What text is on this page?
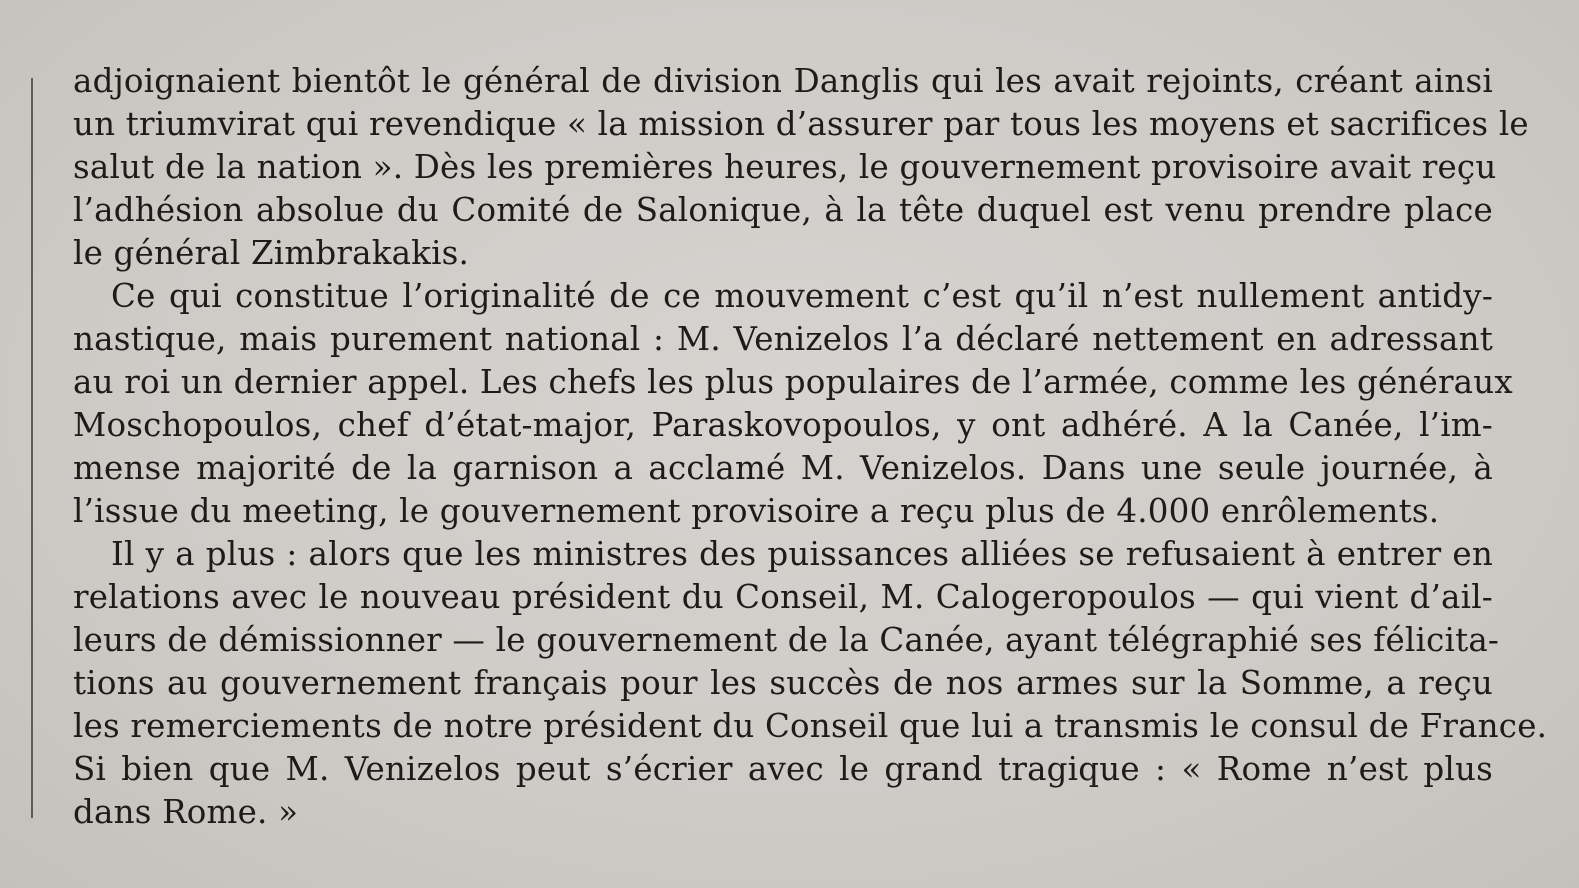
adjoignaient bientôt le général de division Danglis qui les avait rejoints, créant ainsi
un triumvirat qui revendique « la mission d’assurer par tous les moyens et sacrifices le
salut de la nation ». Dès les premières heures, le gouvernement provisoire avait reçu
l’adhésion absolue du Comité de Salonique, à la tête duquel est venu prendre place
le général Zimbrakakis.
Ce qui constitue l’originalité de ce mouvement c’est qu’il n’est nullement antidy-
nastique, mais purement national : M. Venizelos l’a déclaré nettement en adressant
au roi un dernier appel. Les chefs les plus populaires de l’armée, comme les généraux
Moschopoulos, chef d’état-major, Paraskovopoulos, y ont adhéré. A la Canée, l’im-
mense majorité de la garnison a acclamé M. Venizelos. Dans une seule journée, à
l’issue du meeting, le gouvernement provisoire a reçu plus de 4.000 enrôlements.
Il y a plus : alors que les ministres des puissances alliées se refusaient à entrer en
relations avec le nouveau président du Conseil, M. Calogeropoulos — qui vient d’ail-
leurs de démissionner — le gouvernement de la Canée, ayant télégraphié ses félicita-
tions au gouvernement français pour les succès de nos armes sur la Somme, a reçu
les remerciements de notre président du Conseil que lui a transmis le consul de France.
Si bien que M. Venizelos peut s’écrier avec le grand tragique : « Rome n’est plus
dans Rome. »
